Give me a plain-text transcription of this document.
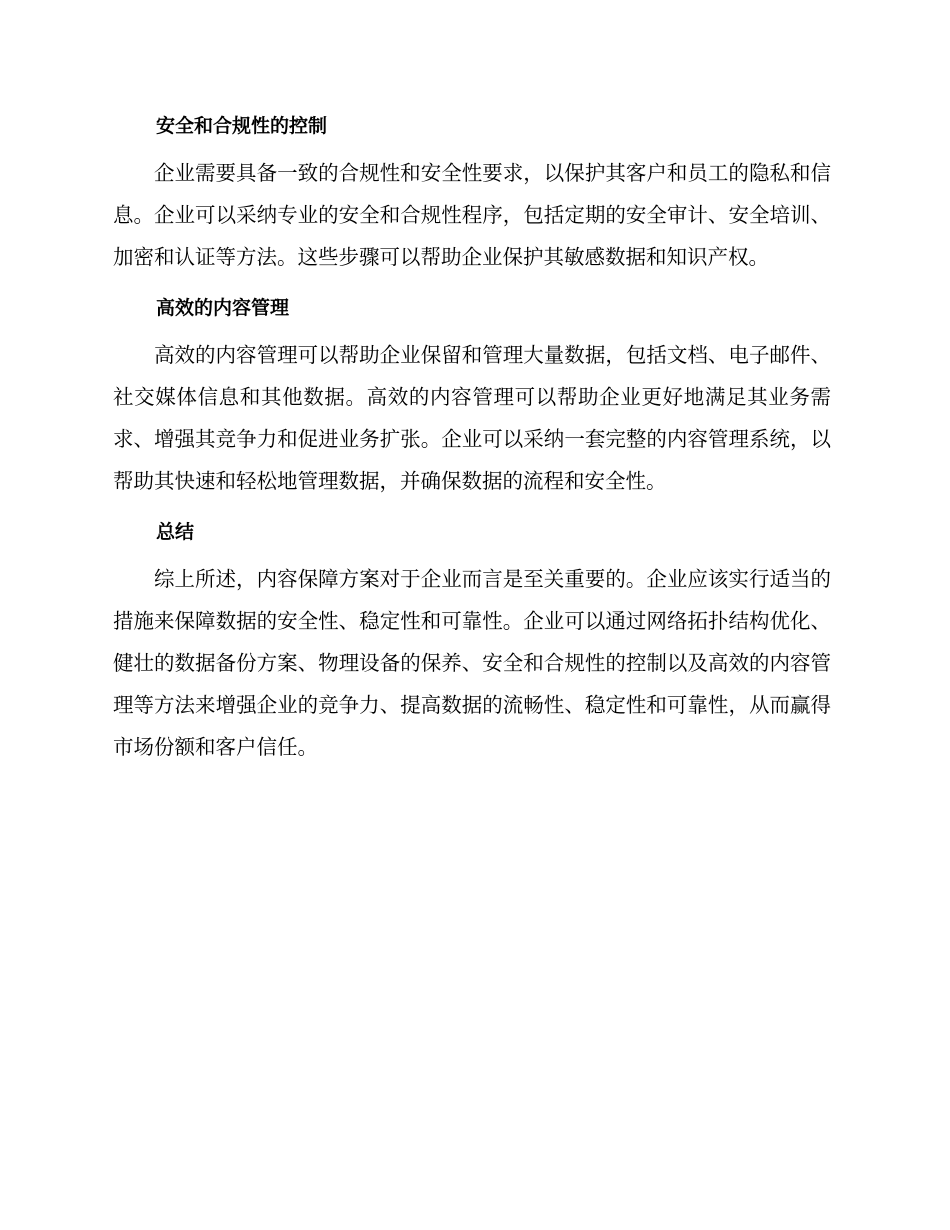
安全和合规性的控制

企业需要具备一致的合规性和安全性要求，以保护其客户和员工的隐私和信息。企业可以采纳专业的安全和合规性程序，包括定期的安全审计、安全培训、加密和认证等方法。这些步骤可以帮助企业保护其敏感数据和知识产权。

高效的内容管理

高效的内容管理可以帮助企业保留和管理大量数据，包括文档、电子邮件、社交媒体信息和其他数据。高效的内容管理可以帮助企业更好地满足其业务需求、增强其竞争力和促进业务扩张。企业可以采纳一套完整的内容管理系统，以帮助其快速和轻松地管理数据，并确保数据的流程和安全性。

总结

综上所述，内容保障方案对于企业而言是至关重要的。企业应该实行适当的措施来保障数据的安全性、稳定性和可靠性。企业可以通过网络拓扑结构优化、健壮的数据备份方案、物理设备的保养、安全和合规性的控制以及高效的内容管理等方法来增强企业的竞争力、提高数据的流畅性、稳定性和可靠性，从而赢得市场份额和客户信任。
